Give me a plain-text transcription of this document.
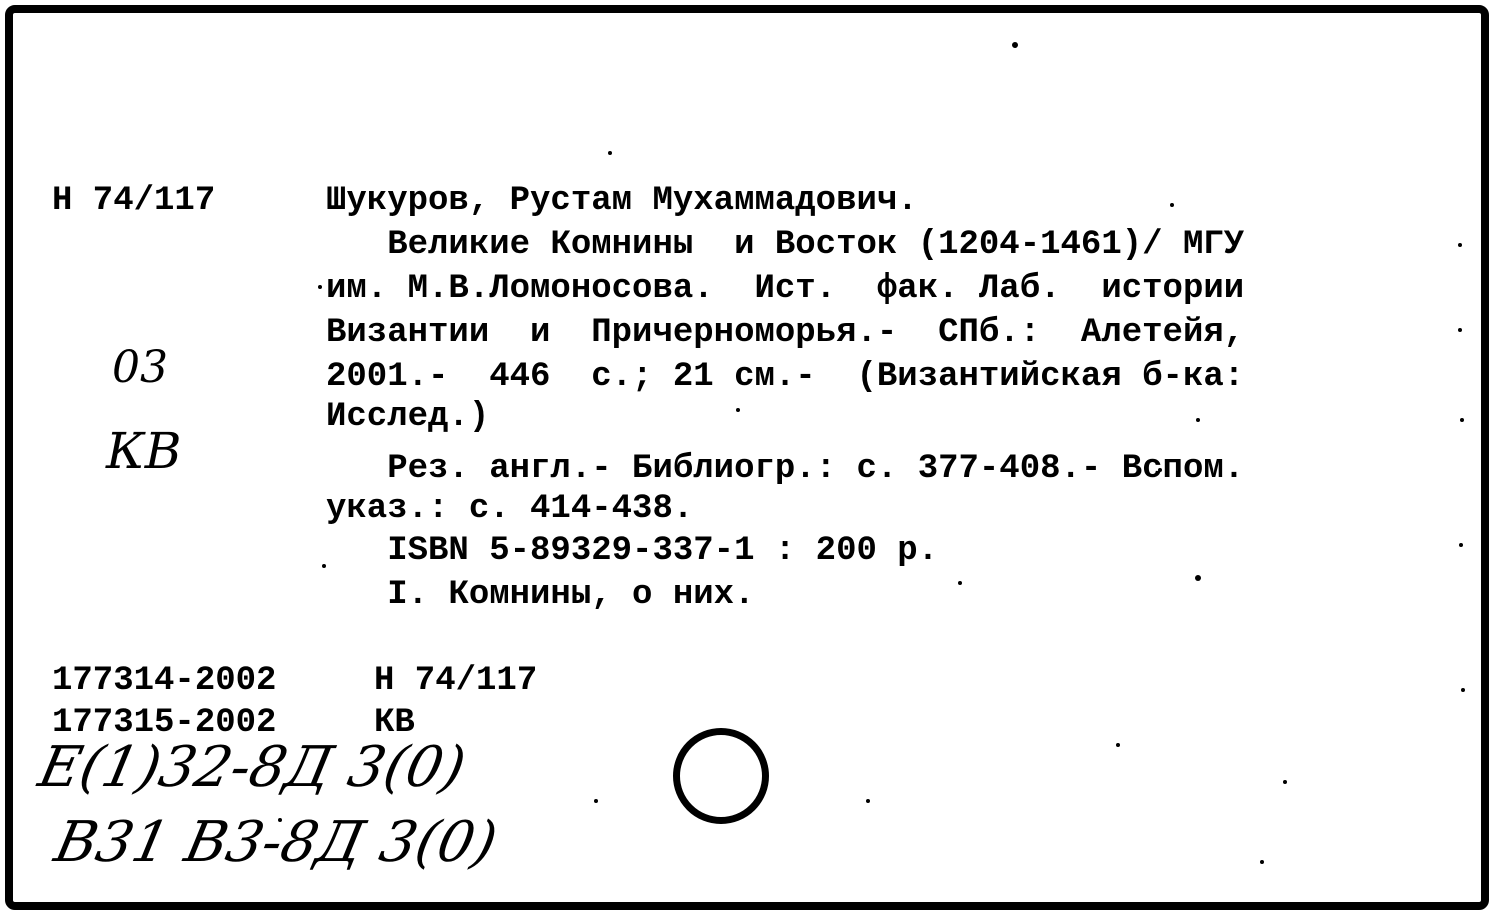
Н 74/117	Шукуров, Рустам Мухаммадович.
Великие Комнины  и Восток (1204-1461)/ МГУ
им. М.В.Ломоносова.  Ист.  фак. Лаб.  истории
Византии  и  Причерноморья.-  СПб.:  Алетейя,
2001.-  446  с.; 21 см.-  (Византийская б-ка:
Исслед.)
Рез. англ.- Библиогр.: с. 377-408.- Вспом.
указ.: с. 414-438.
ISBN 5-89329-337-1 : 200 р.
I. Комнины, о них.
177314-2002	Н 74/117
177315-2002	КВ
03
КВ
Е(1)32-8Д 3(0)
В31 В3-8Д 3(0)
